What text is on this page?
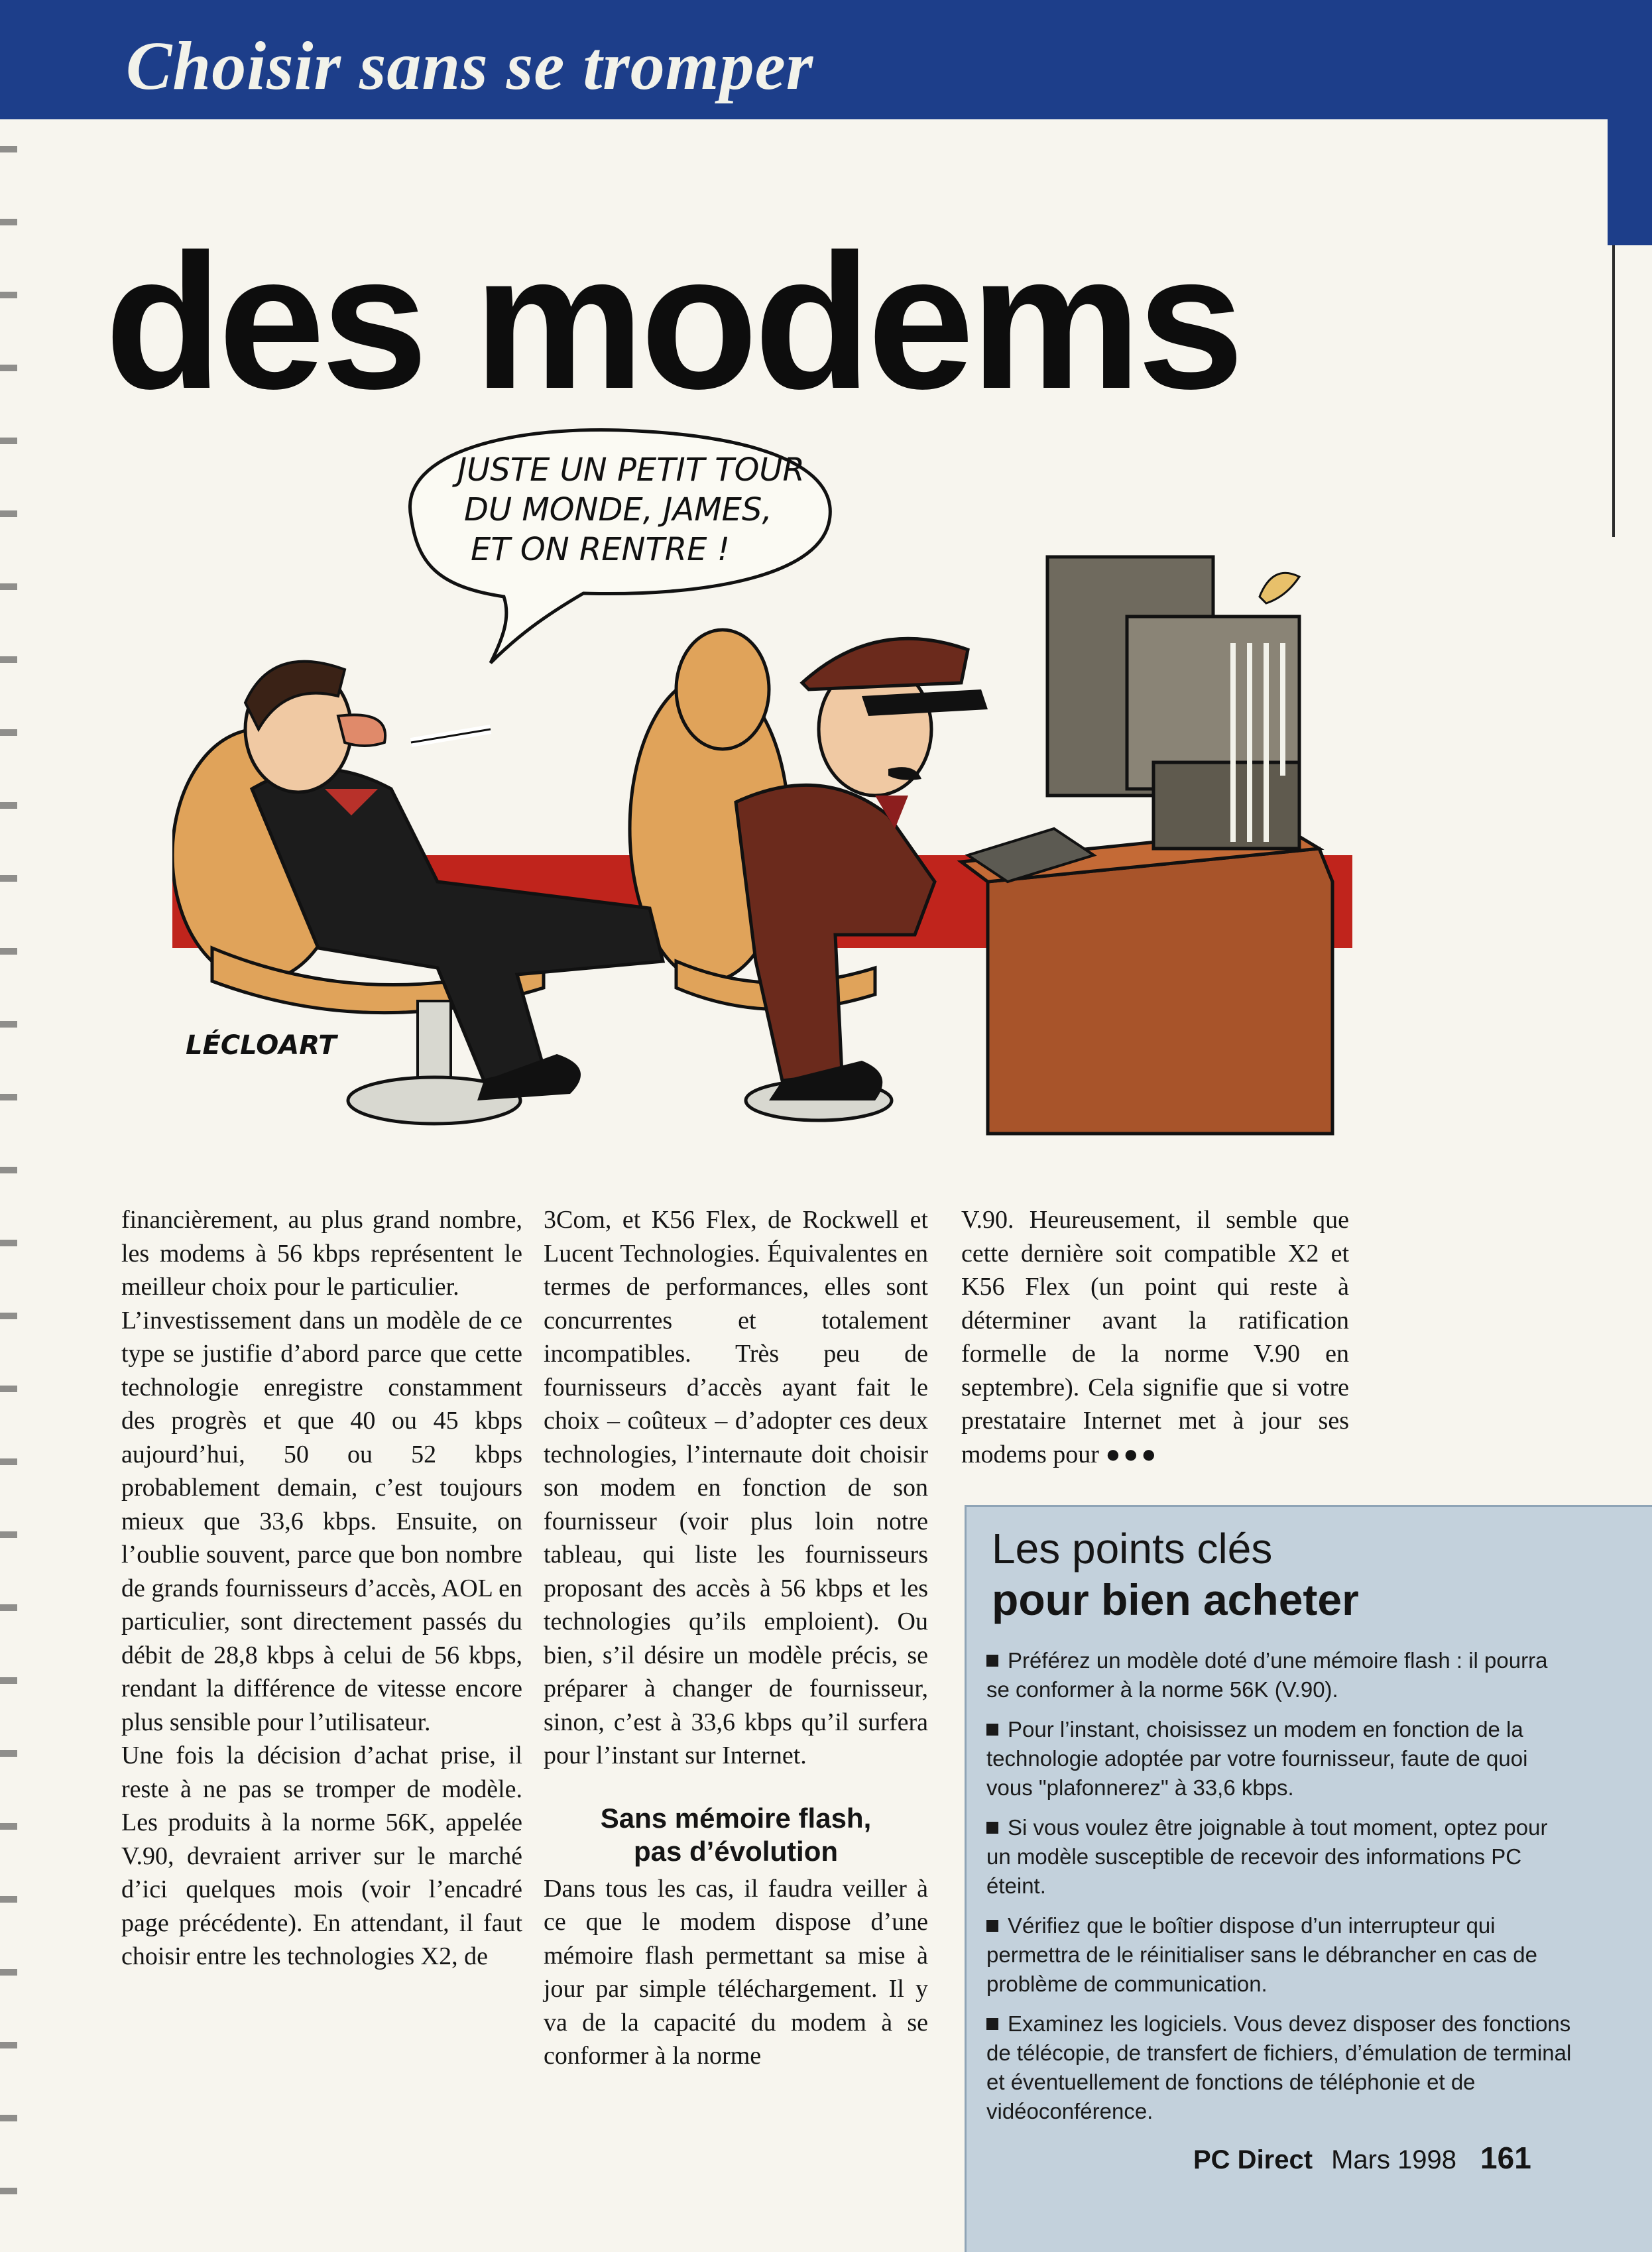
Choisir sans se tromper
des modems
JUSTE UN PETIT TOUR
DU MONDE, JAMES,
ET ON RENTRE !
LÉCLOART

financièrement, au plus grand nombre, les modems à 56 kbps représentent le meilleur choix pour le particulier.

L’investissement dans un modèle de ce type se justifie d’abord parce que cette technologie enregistre constamment des progrès et que 40 ou 45 kbps aujourd’hui, 50 ou 52 kbps probablement demain, c’est toujours mieux que 33,6 kbps. Ensuite, on l’oublie souvent, parce que bon nombre de grands fournisseurs d’accès, AOL en particulier, sont directement passés du débit de 28,8 kbps à celui de 56 kbps, rendant la différence de vitesse encore plus sensible pour l’utilisateur.

Une fois la décision d’achat prise, il reste à ne pas se tromper de modèle. Les produits à la norme 56K, appelée V.90, devraient arriver sur le marché d’ici quelques mois (voir l’encadré page précédente). En attendant, il faut choisir entre les technologies X2, de

3Com, et K56 Flex, de Rockwell et Lucent Technologies. Équivalentes en termes de performances, elles sont concurrentes et totalement incompatibles. Très peu de fournisseurs d’accès ayant fait le choix – coûteux – d’adopter ces deux technologies, l’internaute doit choisir son modem en fonction de son fournisseur (voir plus loin notre tableau, qui liste les fournisseurs proposant des accès à 56 kbps et les technologies qu’ils emploient). Ou bien, s’il désire un modèle précis, se préparer à changer de fournisseur, sinon, c’est à 33,6 kbps qu’il surfera pour l’instant sur Internet.

Sans mémoire flash,
pas d’évolution

Dans tous les cas, il faudra veiller à ce que le modem dispose d’une mémoire flash permettant sa mise à jour par simple téléchargement. Il y va de la capacité du modem à se conformer à la norme

V.90. Heureusement, il semble que cette dernière soit compatible X2 et K56 Flex (un point qui reste à déterminer avant la ratification formelle de la norme V.90 en septembre). Cela signifie que si votre prestataire Internet met à jour ses modems pour ●●●

Les points clés
pour bien acheter
Préférez un modèle doté d’une mémoire flash : il pourra se conformer à la norme 56K (V.90).
Pour l’instant, choisissez un modem en fonction de la technologie adoptée par votre fournisseur, faute de quoi vous "plafonnerez" à 33,6 kbps.
Si vous voulez être joignable à tout moment, optez pour un modèle susceptible de recevoir des informations PC éteint.
Vérifiez que le boîtier dispose d’un interrupteur qui permettra de le réinitialiser sans le débrancher en cas de problème de communication.
Examinez les logiciels. Vous devez disposer des fonctions de télécopie, de transfert de fichiers, d’émulation de terminal et éventuellement de fonctions de téléphonie et de vidéoconférence.
PC Direct Mars 1998 161
